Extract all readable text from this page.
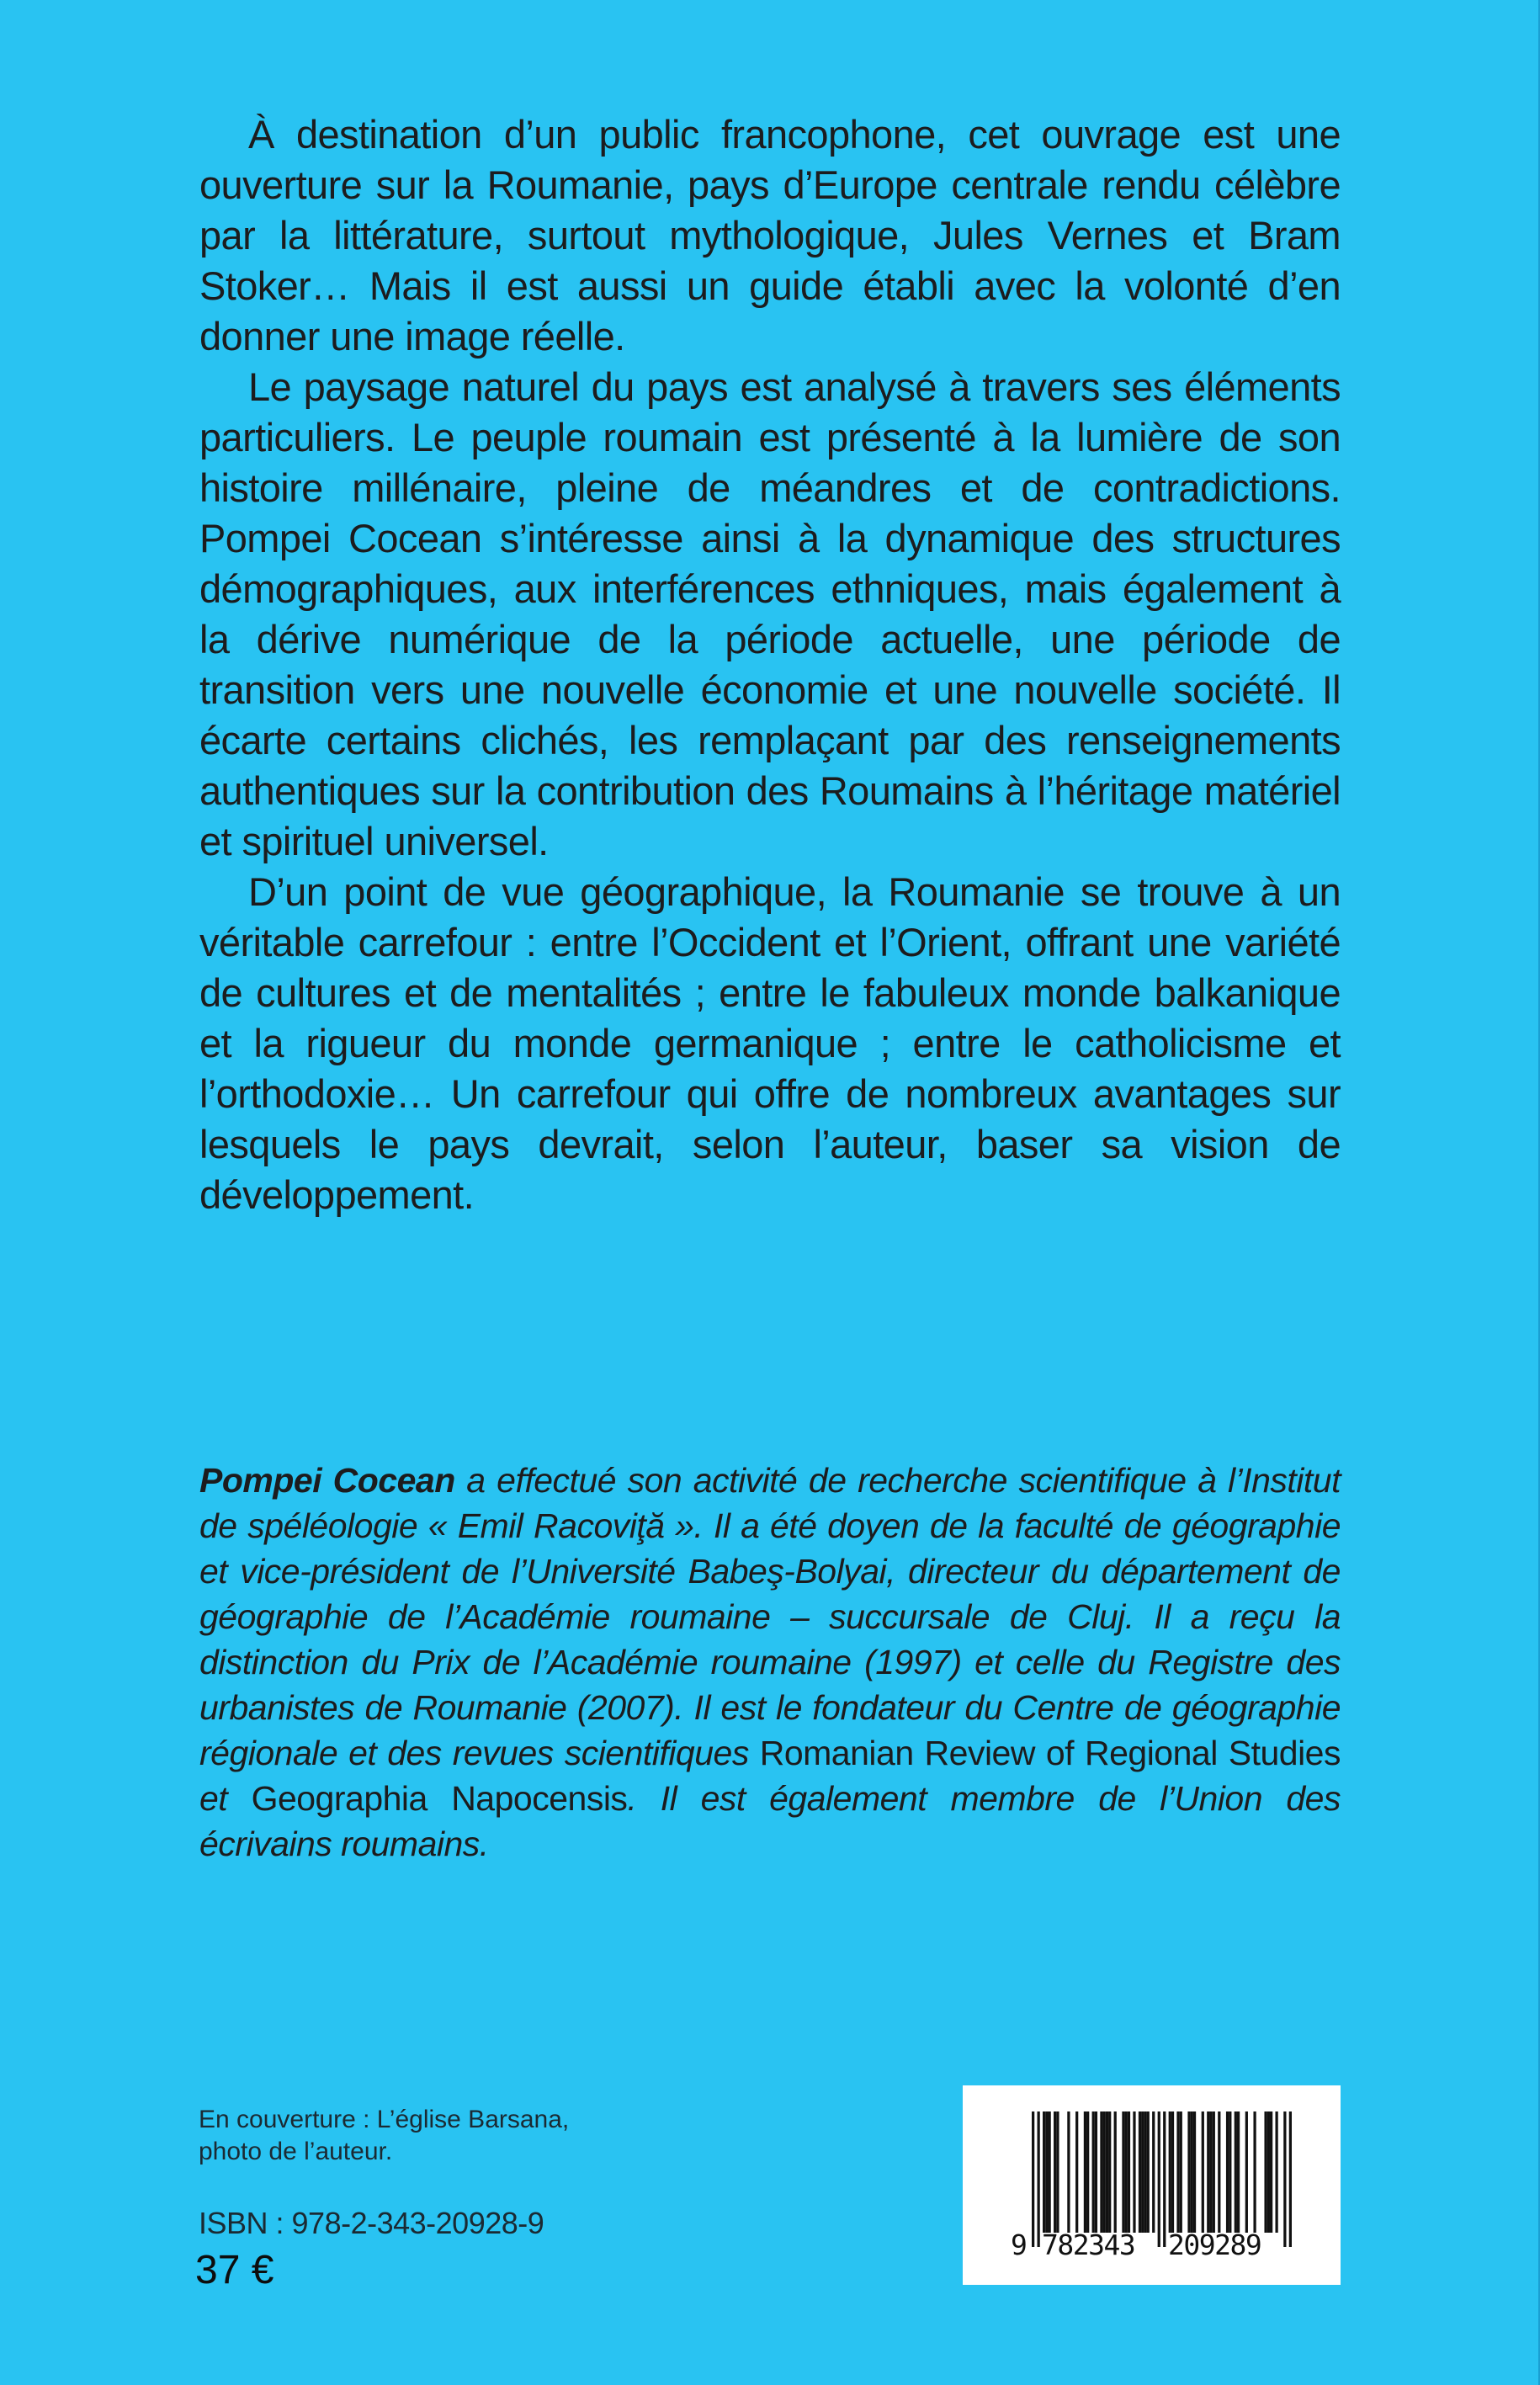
À destination d’un public francophone, cet ouvrage est une ouverture sur la Roumanie, pays d’Europe centrale rendu célèbre par la littérature, surtout mythologique, Jules Vernes et Bram Stoker… Mais il est aussi un guide établi avec la volonté d’en donner une image réelle.

Le paysage naturel du pays est analysé à travers ses éléments particuliers. Le peuple roumain est présenté à la lumière de son histoire millénaire, pleine de méandres et de contradictions. Pompei Cocean s’intéresse ainsi à la dynamique des structures démographiques, aux interférences ethniques, mais également à la dérive numérique de la période actuelle, une période de transition vers une nouvelle économie et une nouvelle société. Il écarte certains clichés, les remplaçant par des renseignements authentiques sur la contribution des Roumains à l’héritage matériel et spirituel universel.

D’un point de vue géographique, la Roumanie se trouve à un véritable carrefour : entre l’Occident et l’Orient, offrant une variété de cultures et de mentalités ; entre le fabuleux monde balkanique et la rigueur du monde germanique ; entre le catholicisme et l’orthodoxie… Un carrefour qui offre de nombreux avantages sur lesquels le pays devrait, selon l’auteur, baser sa vision de développement.

Pompei Cocean a effectué son activité de recherche scientifique à l’Institut de spéléologie « Emil Racoviţă ». Il a été doyen de la faculté de géographie et vice-président de l’Université Babeş-Bolyai, directeur du département de géographie de l’Académie roumaine – succursale de Cluj. Il a reçu la distinction du Prix de l’Académie roumaine (1997) et celle du Registre des urbanistes de Roumanie (2007). Il est le fondateur du Centre de géographie régionale et des revues scientifiques Romanian Review of Regional Studies et Geographia Napocensis. Il est également membre de l’Union des écrivains roumains.

En couverture : L’église Barsana,
photo de l’auteur.
ISBN : 978-2-343-20928-9
37 €
9 782343 209289
